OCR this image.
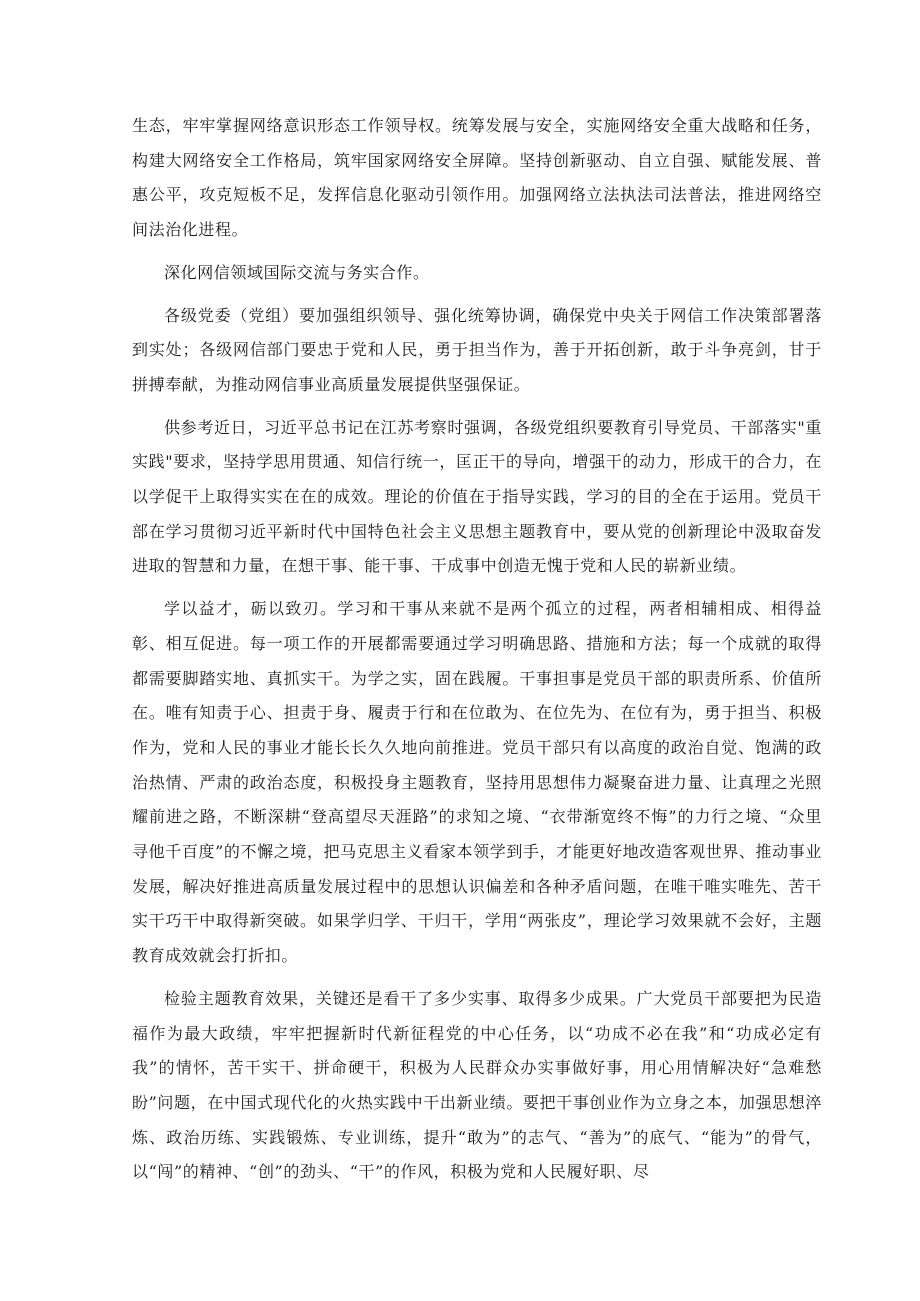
生态，牢牢掌握网络意识形态工作领导权。统筹发展与安全，实施网络安全重大战略和任务，构建大网络安全工作格局，筑牢国家网络安全屏障。坚持创新驱动、自立自强、赋能发展、普惠公平，攻克短板不足，发挥信息化驱动引领作用。加强网络立法执法司法普法，推进网络空间法治化进程。

深化网信领域国际交流与务实合作。

各级党委（党组）要加强组织领导、强化统筹协调，确保党中央关于网信工作决策部署落到实处；各级网信部门要忠于党和人民，勇于担当作为，善于开拓创新，敢于斗争亮剑，甘于拼搏奉献，为推动网信事业高质量发展提供坚强保证。

供参考近日，习近平总书记在江苏考察时强调，各级党组织要教育引导党员、干部落实"重实践"要求，坚持学思用贯通、知信行统一，匡正干的导向，增强干的动力，形成干的合力，在以学促干上取得实实在在的成效。理论的价值在于指导实践，学习的目的全在于运用。党员干部在学习贯彻习近平新时代中国特色社会主义思想主题教育中，要从党的创新理论中汲取奋发进取的智慧和力量，在想干事、能干事、干成事中创造无愧于党和人民的崭新业绩。

学以益才，砺以致刃。学习和干事从来就不是两个孤立的过程，两者相辅相成、相得益彰、相互促进。每一项工作的开展都需要通过学习明确思路、措施和方法；每一个成就的取得都需要脚踏实地、真抓实干。为学之实，固在践履。干事担事是党员干部的职责所系、价值所在。唯有知责于心、担责于身、履责于行和在位敢为、在位先为、在位有为，勇于担当、积极作为，党和人民的事业才能长长久久地向前推进。党员干部只有以高度的政治自觉、饱满的政治热情、严肃的政治态度，积极投身主题教育，坚持用思想伟力凝聚奋进力量、让真理之光照耀前进之路，不断深耕“登高望尽天涯路”的求知之境、“衣带渐宽终不悔”的力行之境、“众里寻他千百度”的不懈之境，把马克思主义看家本领学到手，才能更好地改造客观世界、推动事业发展，解决好推进高质量发展过程中的思想认识偏差和各种矛盾问题，在唯干唯实唯先、苦干实干巧干中取得新突破。如果学归学、干归干，学用“两张皮”，理论学习效果就不会好，主题教育成效就会打折扣。

检验主题教育效果，关键还是看干了多少实事、取得多少成果。广大党员干部要把为民造福作为最大政绩，牢牢把握新时代新征程党的中心任务，以“功成不必在我”和“功成必定有我”的情怀，苦干实干、拼命硬干，积极为人民群众办实事做好事，用心用情解决好“急难愁盼”问题，在中国式现代化的火热实践中干出新业绩。要把干事创业作为立身之本，加强思想淬炼、政治历练、实践锻炼、专业训练，提升“敢为”的志气、“善为”的底气、“能为”的骨气，以“闯”的精神、“创”的劲头、“干”的作风，积极为党和人民履好职、尽
